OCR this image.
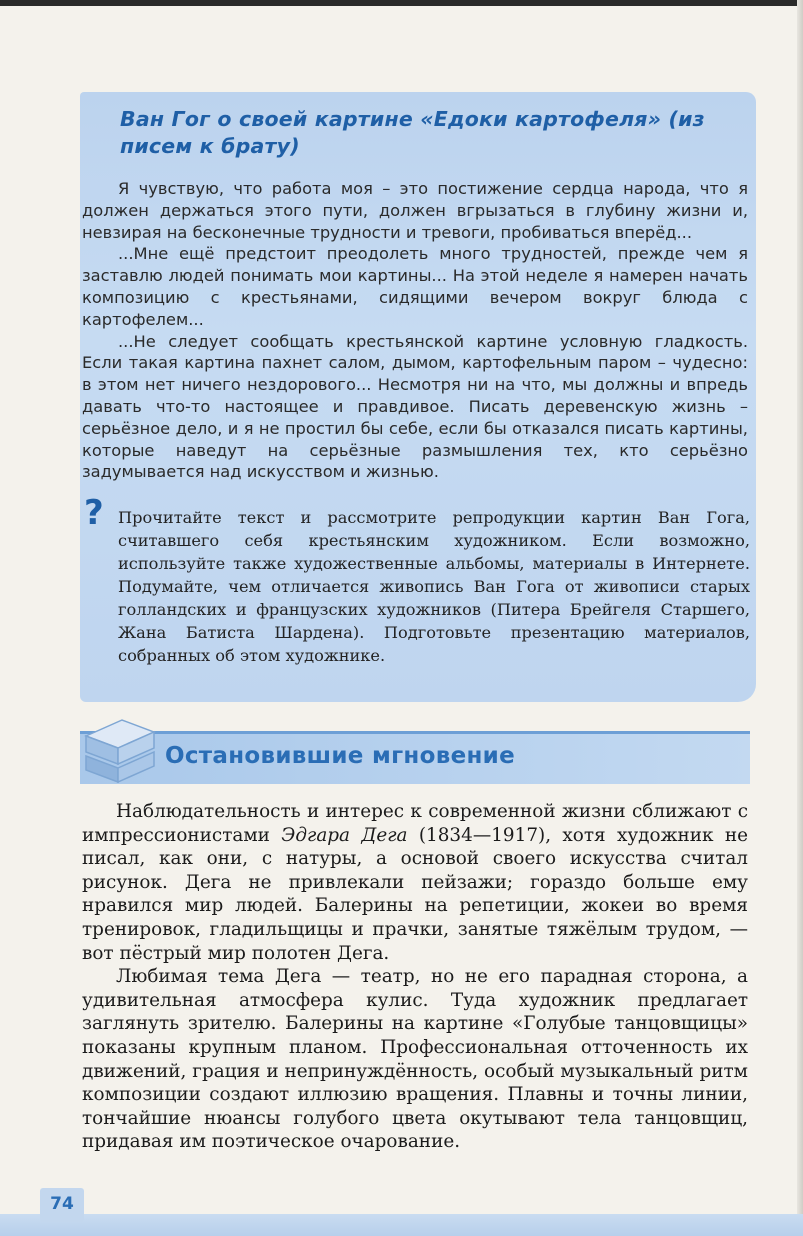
Ван Гог о своей картине «Едоки картофеля» (из писем к брату)

Я чувствую, что работа моя – это постижение сердца народа, что я должен держаться этого пути, должен вгрызаться в глубину жизни и, невзирая на бесконечные трудности и тревоги, пробиваться вперёд...

...Мне ещё предстоит преодолеть много трудностей, прежде чем я заставлю людей понимать мои картины... На этой неделе я намерен начать композицию с крестьянами, сидящими вечером вокруг блюда с картофелем...

...Не следует сообщать крестьянской картине условную гладкость. Если такая картина пахнет салом, дымом, картофельным паром – чудесно: в этом нет ничего нездорового... Несмотря ни на что, мы должны и впредь давать что-то настоящее и правдивое. Писать деревенскую жизнь – серьёзное дело, и я не простил бы себе, если бы отказался писать картины, которые наведут на серьёзные размышления тех, кто серьёзно задумывается над искусством и жизнью.

? Прочитайте текст и рассмотрите репродукции картин Ван Гога, считавшего себя крестьянским художником. Если возможно, используйте также художественные альбомы, материалы в Интернете. Подумайте, чем отличается живопись Ван Гога от живописи старых голландских и французских художников (Питера Брейгеля Старшего, Жана Батиста Шардена). Подготовьте презентацию материалов, собранных об этом художнике.
Остановившие мгновение

Наблюдательность и интерес к современной жизни сближают с импрессионистами Эдгара Дега (1834—1917), хотя художник не писал, как они, с натуры, а основой своего искусства считал рисунок. Дега не привлекали пейзажи; гораздо больше ему нравился мир людей. Балерины на репетиции, жокеи во время тренировок, гладильщицы и прачки, занятые тяжёлым трудом, — вот пёстрый мир полотен Дега.

Любимая тема Дега — театр, но не его парадная сторона, а удивительная атмосфера кулис. Туда художник предлагает заглянуть зрителю. Балерины на картине «Голубые танцовщицы» показаны крупным планом. Профессиональная отточенность их движений, грация и непринуждённость, особый музыкальный ритм композиции создают иллюзию вращения. Плавны и точны линии, тончайшие нюансы голубого цвета окутывают тела танцовщиц, придавая им поэтическое очарование.

74
